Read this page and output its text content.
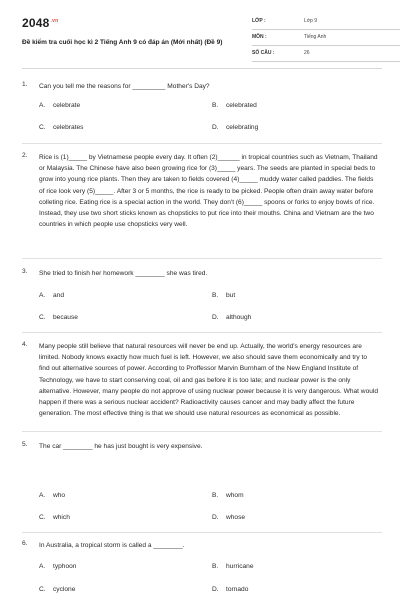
$2048^{.vn}$
Đề kiểm tra cuối học kì 2 Tiếng Anh 9 có đáp án (Mới nhất) (Đề 9)
LỚP :	Lớp 9
MÔN :	Tiếng Anh
SỐ CÂU :	26
1. Can you tell me the reasons for _________ Mother's Day?
A. celebrate	B. celebrated
C. celebrates	D. celebrating
2. Rice is (1)_____ by Vietnamese people every day. It often (2)______ in tropical countries such as Vietnam, Thailand or Malaysia. The Chinese have also been growing rice for (3)_____ years. The seeds are planted in special beds to grow into young rice plants. Then they are taken to fields covered (4)_____ muddy water called paddies. The fields of rice look very (5)_____. After 3 or 5 months, the rice is ready to be picked. People often drain away water before colleting rice. Eating rice is a special action in the world. They don't (6)_____ spoons or forks to enjoy bowls of rice. Instead, they use two short sticks known as chopsticks to put rice into their mouths. China and Vietnam are the two countries in which people use chopsticks very well.
3. She tried to finish her homework ________ she was tired.
A. and	B. but
C. because	D. although
4. Many people still believe that natural resources will never be end up. Actually, the world's energy resources are limited. Nobody knows exactly how much fuel is left. However, we also should save them economically and try to find out alternative sources of power. According to Proffessor Marvin Burnham of the New England Institute of Technology, we have to start conserving coal, oil and gas before it is too late; and nuclear power is the only alternative. However, many people do not approve of using nuclear power because it is very dangerous. What would happen if there was a serious nuclear accident? Radioactivity causes cancer and may badly affect the future generation. The most effective thing is that we should use natural resources as economical as possible.
5. The car ________ he has just bought is very expensive.
A. who	B. whom
C. which	D. whose
6. In Australia, a tropical storm is called a ________.
A. typhoon	B. hurricane
C. cyclone	D. tornado
